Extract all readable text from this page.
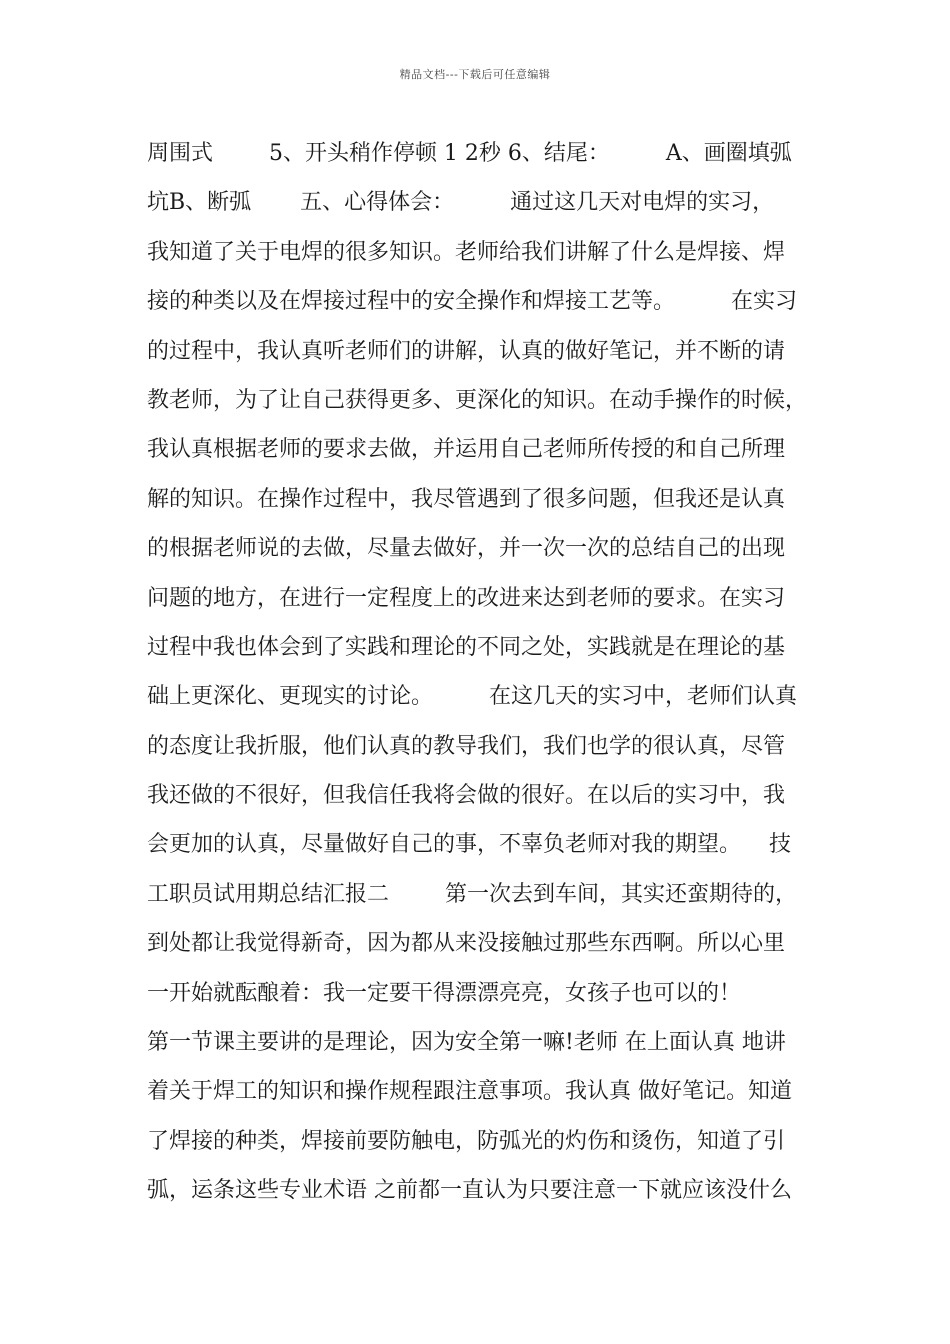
精品文档---下载后可任意编辑
周围式        5、开头稍作停顿 1 2秒 6、结尾：        A、画圈填弧
坑B、断弧       五、心得体会：        通过这几天对电焊的实习，
我知道了关于电焊的很多知识。老师给我们讲解了什么是焊接、焊
接的种类以及在焊接过程中的安全操作和焊接工艺等。        在实习
的过程中，我认真听老师们的讲解，认真的做好笔记，并不断的请
教老师，为了让自己获得更多、更深化的知识。在动手操作的时候，
我认真根据老师的要求去做，并运用自己老师所传授的和自己所理
解的知识。在操作过程中，我尽管遇到了很多问题，但我还是认真
的根据老师说的去做，尽量去做好，并一次一次的总结自己的出现
问题的地方，在进行一定程度上的改进来达到老师的要求。在实习
过程中我也体会到了实践和理论的不同之处，实践就是在理论的基
础上更深化、更现实的讨论。        在这几天的实习中，老师们认真
的态度让我折服，他们认真的教导我们，我们也学的很认真，尽管
我还做的不很好，但我信任我将会做的很好。在以后的实习中，我
会更加的认真，尽量做好自己的事，不辜负老师对我的期望。    技
工职员试用期总结汇报二        第一次去到车间，其实还蛮期待的，
到处都让我觉得新奇，因为都从来没接触过那些东西啊。所以心里
一开始就酝酿着：我一定要干得漂漂亮亮，女孩子也可以的！
第一节课主要讲的是理论，因为安全第一嘛!老师 在上面认真 地讲
着关于焊工的知识和操作规程跟注意事项。我认真 做好笔记。知道
了焊接的种类，焊接前要防触电，防弧光的灼伤和烫伤，知道了引
弧，运条这些专业术语 之前都一直认为只要注意一下就应该没什么
